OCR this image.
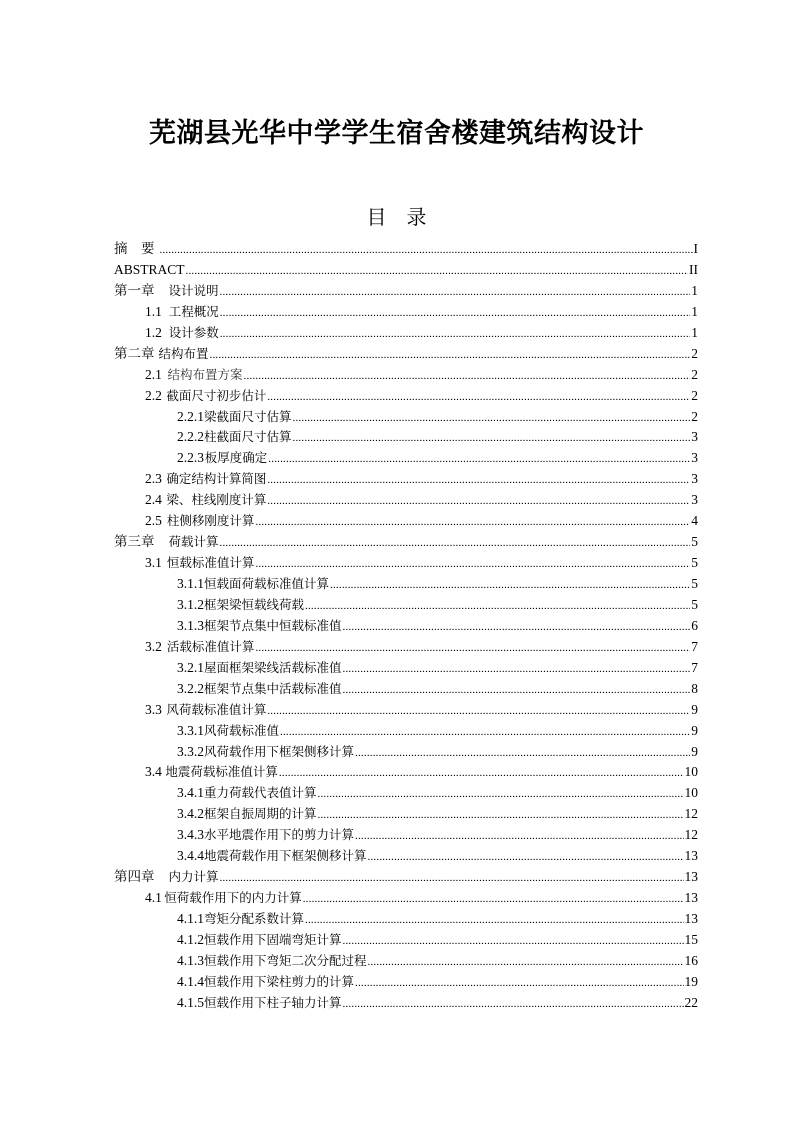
芜湖县光华中学学生宿舍楼建筑结构设计
目 录
摘　要 .....	I
ABSTRACT .....	II
第一章 设计说明 .....	1
1.1 工程概况 .....	1
1.2 设计参数 .....	1
第二章 结构布置 .....	2
2.1 结构布置方案 .....	2
2.2 截面尺寸初步估计 .....	2
2.2.1 梁截面尺寸估算 .....	2
2.2.2 柱截面尺寸估算 .....	3
2.2.3 板厚度确定 .....	3
2.3 确定结构计算简图 .....	3
2.4 梁、柱线刚度计算 .....	3
2.5 柱侧移刚度计算 .....	4
第三章 荷载计算 .....	5
3.1 恒载标准值计算 .....	5
3.1.1 恒载面荷载标准值计算 .....	5
3.1.2 框架梁恒载线荷载 .....	5
3.1.3 框架节点集中恒载标准值 .....	6
3.2 活载标准值计算 .....	7
3.2.1 屋面框架梁线活载标准值 .....	7
3.2.2 框架节点集中活载标准值 .....	8
3.3 风荷载标准值计算 .....	9
3.3.1 风荷载标准值 .....	9
3.3.2 风荷载作用下框架侧移计算 .....	9
3.4 地震荷载标准值计算 .....	10
3.4.1 重力荷载代表值计算 .....	10
3.4.2 框架自振周期的计算 .....	12
3.4.3 水平地震作用下的剪力计算 .....	12
3.4.4 地震荷载作用下框架侧移计算 .....	13
第四章 内力计算 .....	13
4.1 恒荷载作用下的内力计算 .....	13
4.1.1 弯矩分配系数计算 .....	13
4.1.2 恒载作用下固端弯矩计算 .....	15
4.1.3 恒载作用下弯矩二次分配过程 .....	16
4.1.4 恒载作用下梁柱剪力的计算 .....	19
4.1.5 恒载作用下柱子轴力计算 .....	22
